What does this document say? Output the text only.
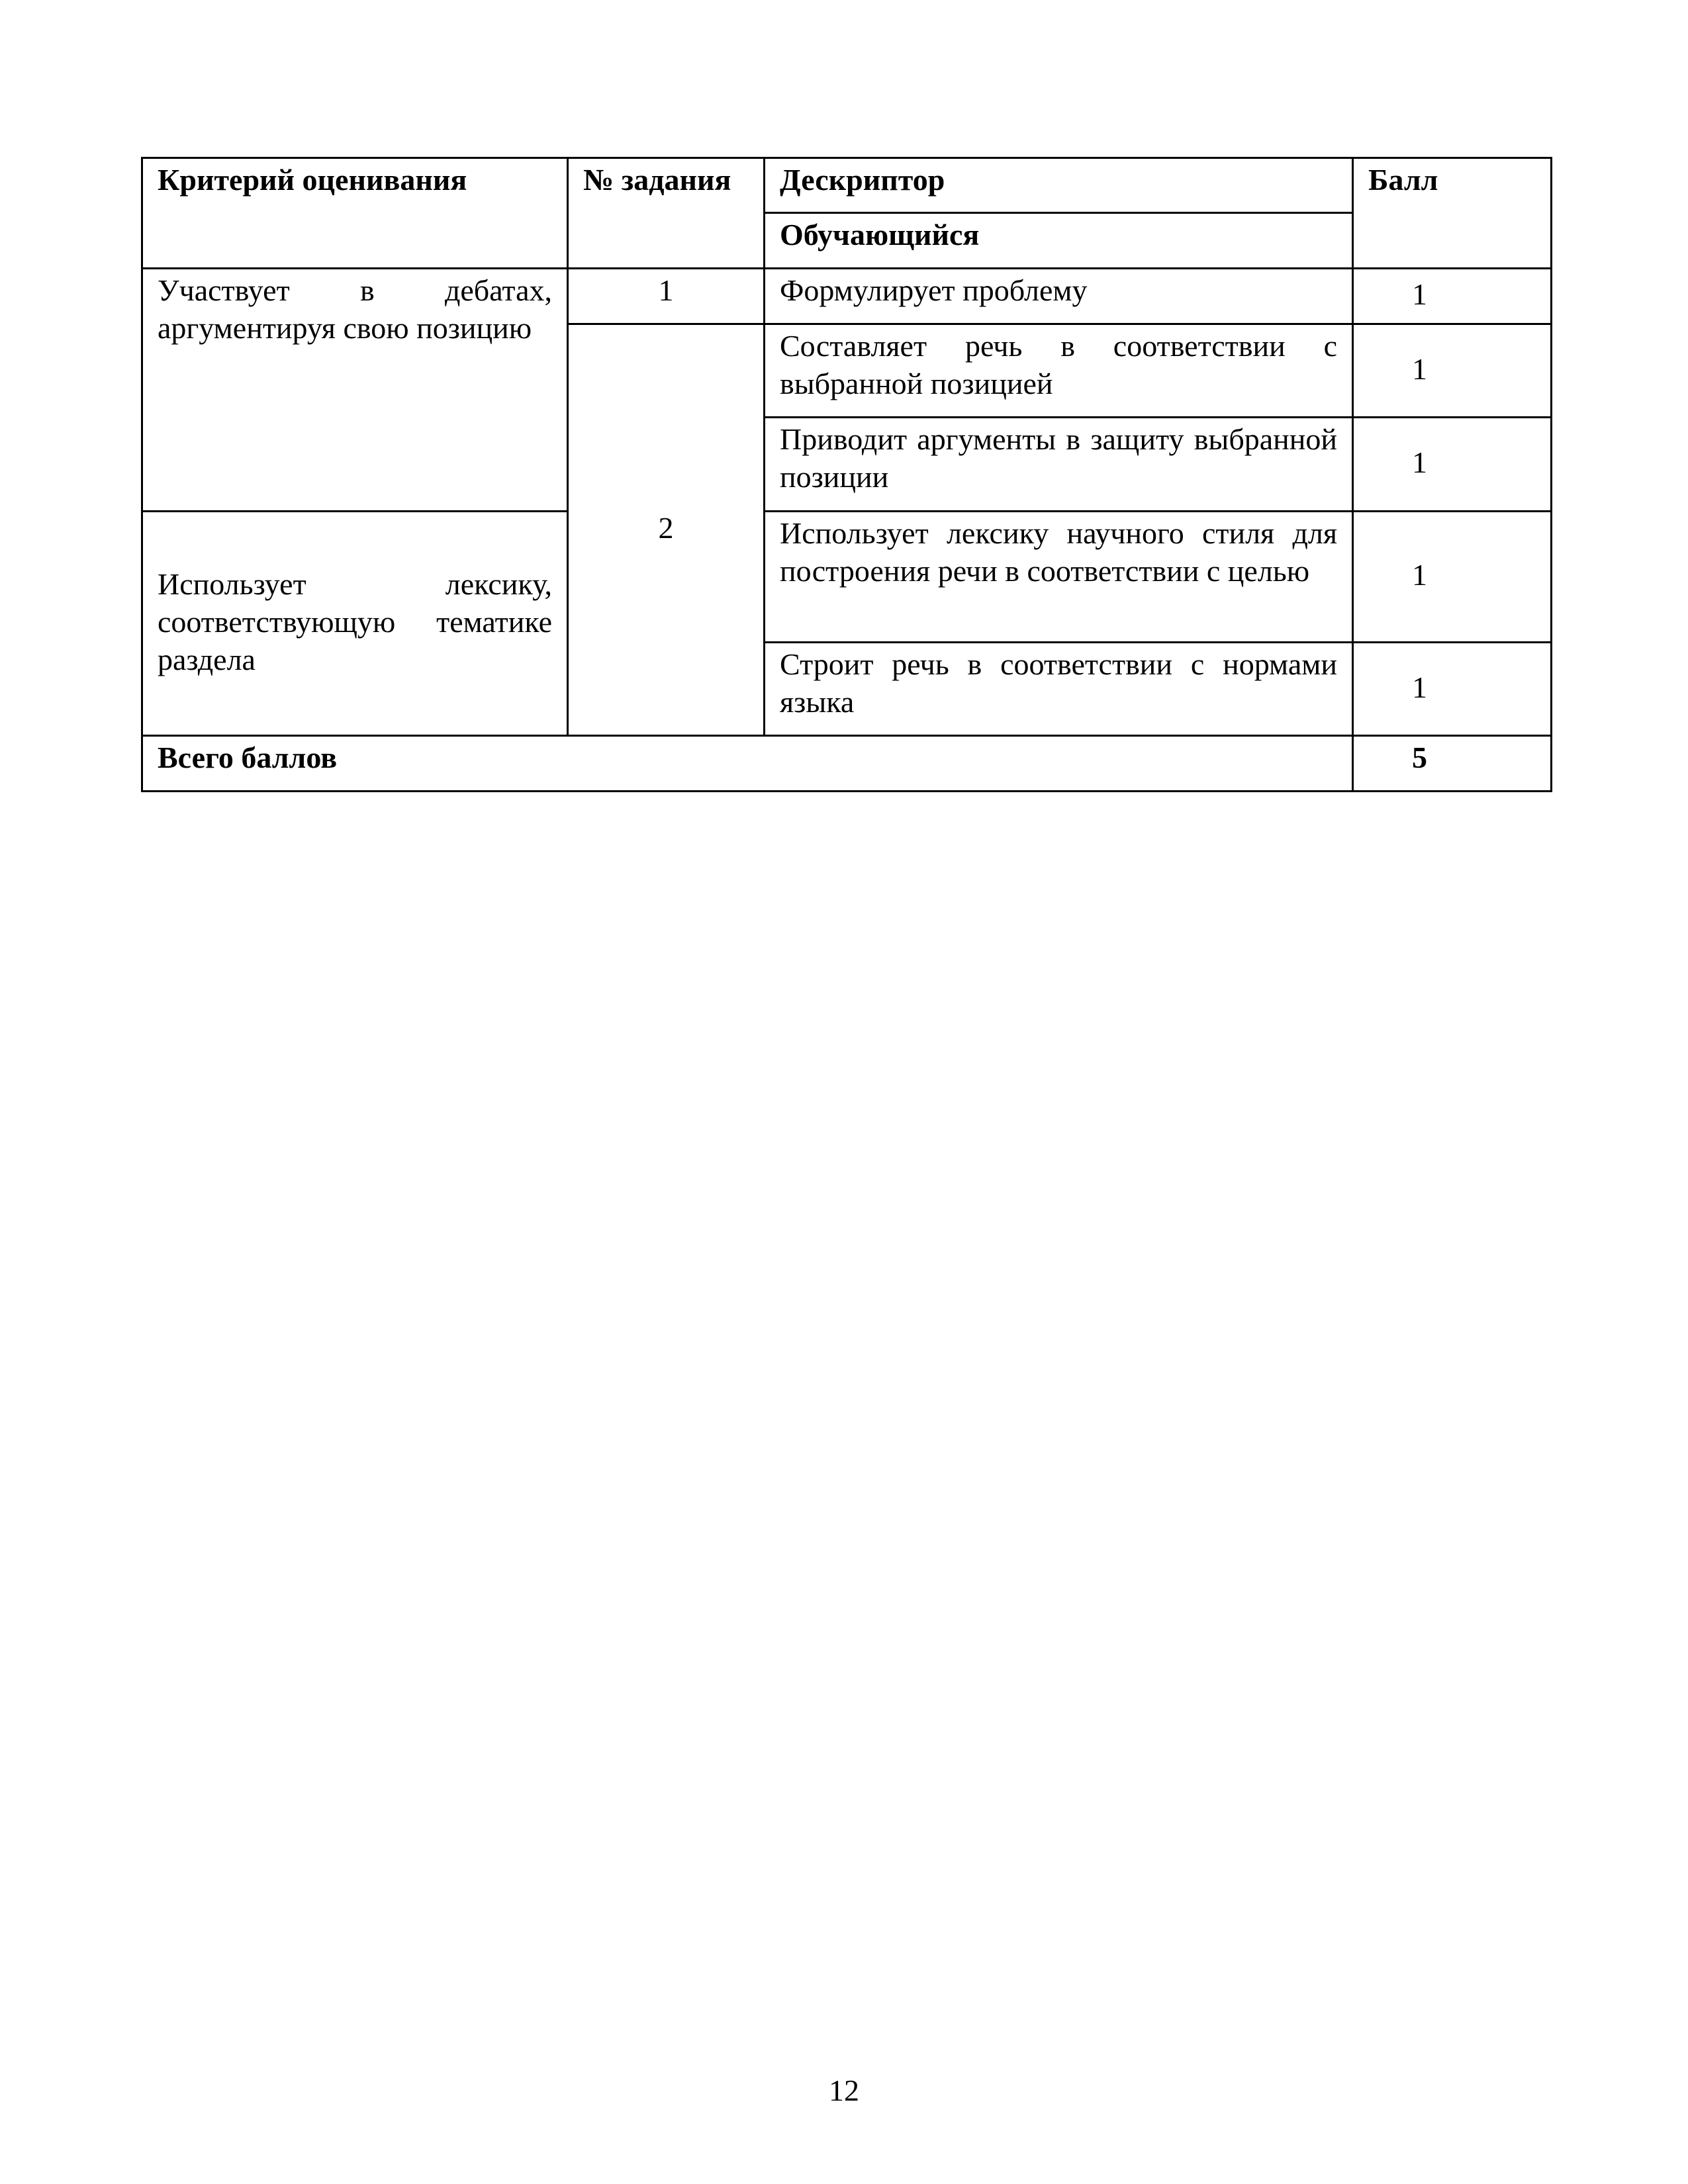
Критерий оценивания	№ задания	Дескриптор	Балл
		Обучающийся	
Участвует в дебатах, аргументируя свою позицию	1	Формулирует проблему	1
	2	Составляет речь в соответствии с выбранной позицией	1
		Приводит аргументы в защиту выбранной позиции	1
Использует лексику, соответствующую тематике раздела		Использует лексику научного стиля для построения речи в соответствии с целью	1
		Строит речь в соответствии с нормами языка	1
Всего баллов			5
12
